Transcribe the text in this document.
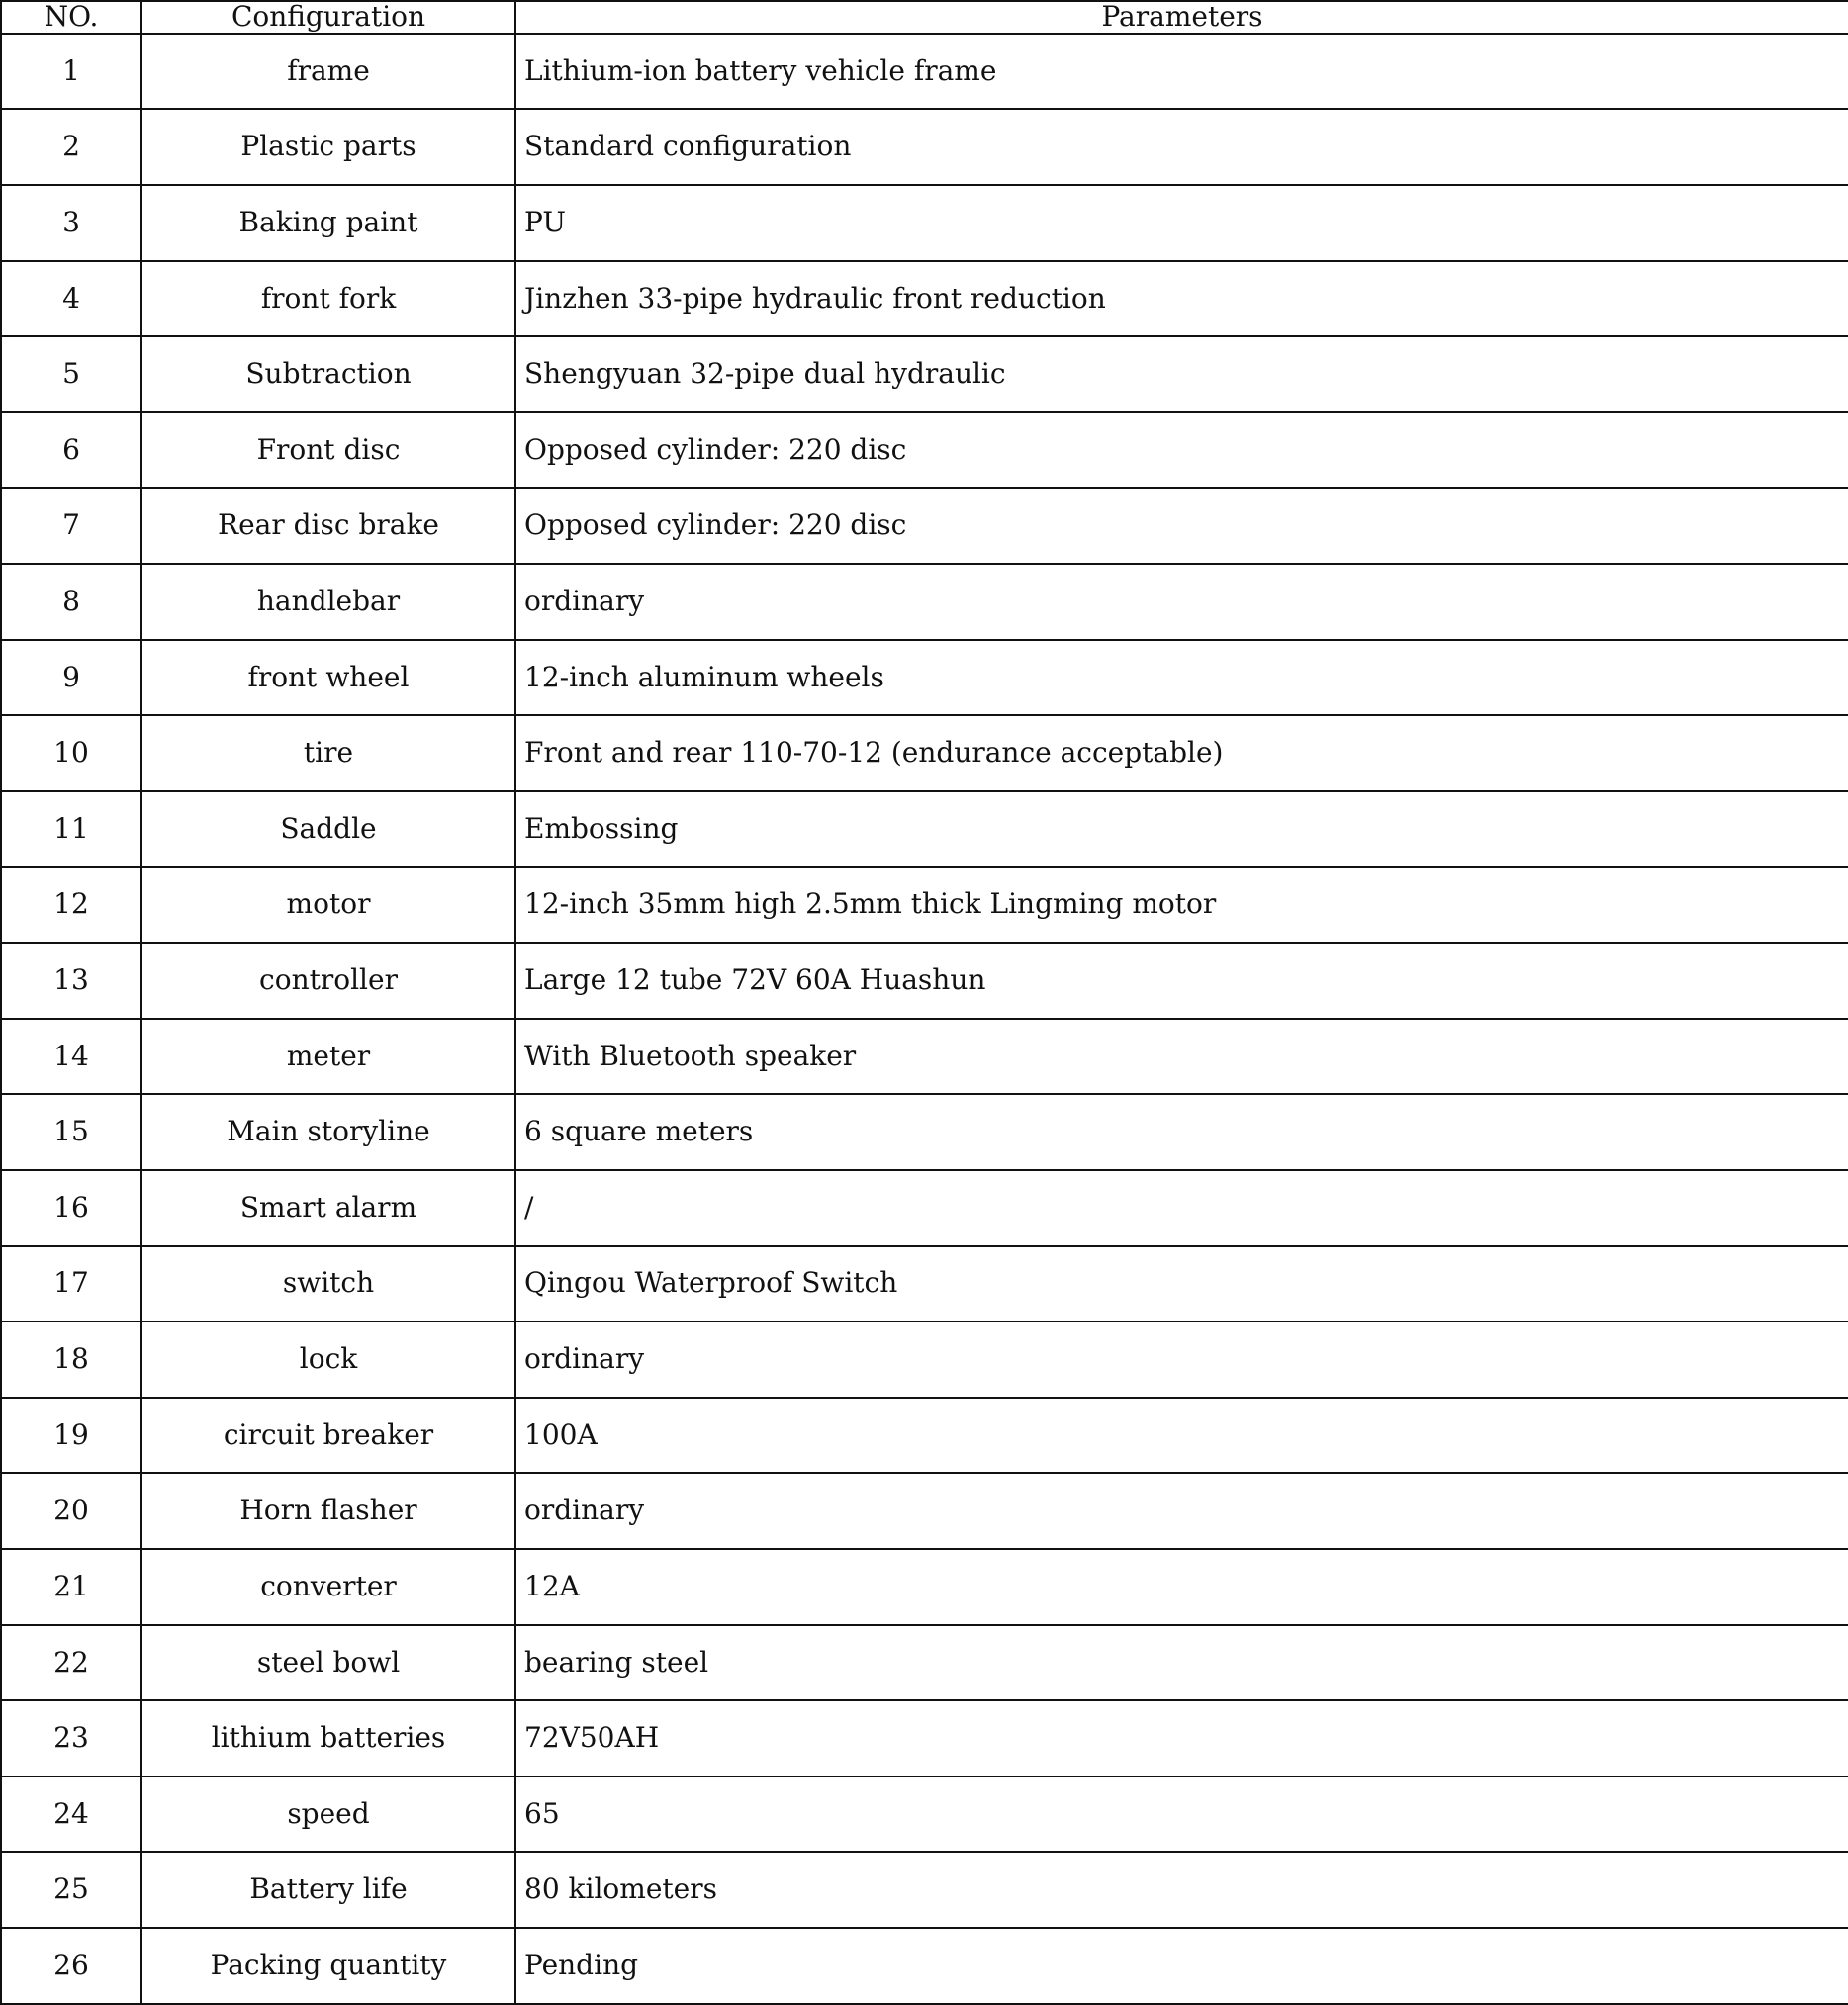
NO.	Configuration	Parameters
1	frame	Lithium-ion battery vehicle frame
2	Plastic parts	Standard configuration
3	Baking paint	PU
4	front fork	Jinzhen 33-pipe hydraulic front reduction
5	Subtraction	Shengyuan 32-pipe dual hydraulic
6	Front disc	Opposed cylinder: 220 disc
7	Rear disc brake	Opposed cylinder: 220 disc
8	handlebar	ordinary
9	front wheel	12-inch aluminum wheels
10	tire	Front and rear 110-70-12 (endurance acceptable)
11	Saddle	Embossing
12	motor	12-inch 35mm high 2.5mm thick Lingming motor
13	controller	Large 12 tube 72V 60A Huashun
14	meter	With Bluetooth speaker
15	Main storyline	6 square meters
16	Smart alarm	/
17	switch	Qingou Waterproof Switch
18	lock	ordinary
19	circuit breaker	100A
20	Horn flasher	ordinary
21	converter	12A
22	steel bowl	bearing steel
23	lithium batteries	72V50AH
24	speed	65
25	Battery life	80 kilometers
26	Packing quantity	Pending
